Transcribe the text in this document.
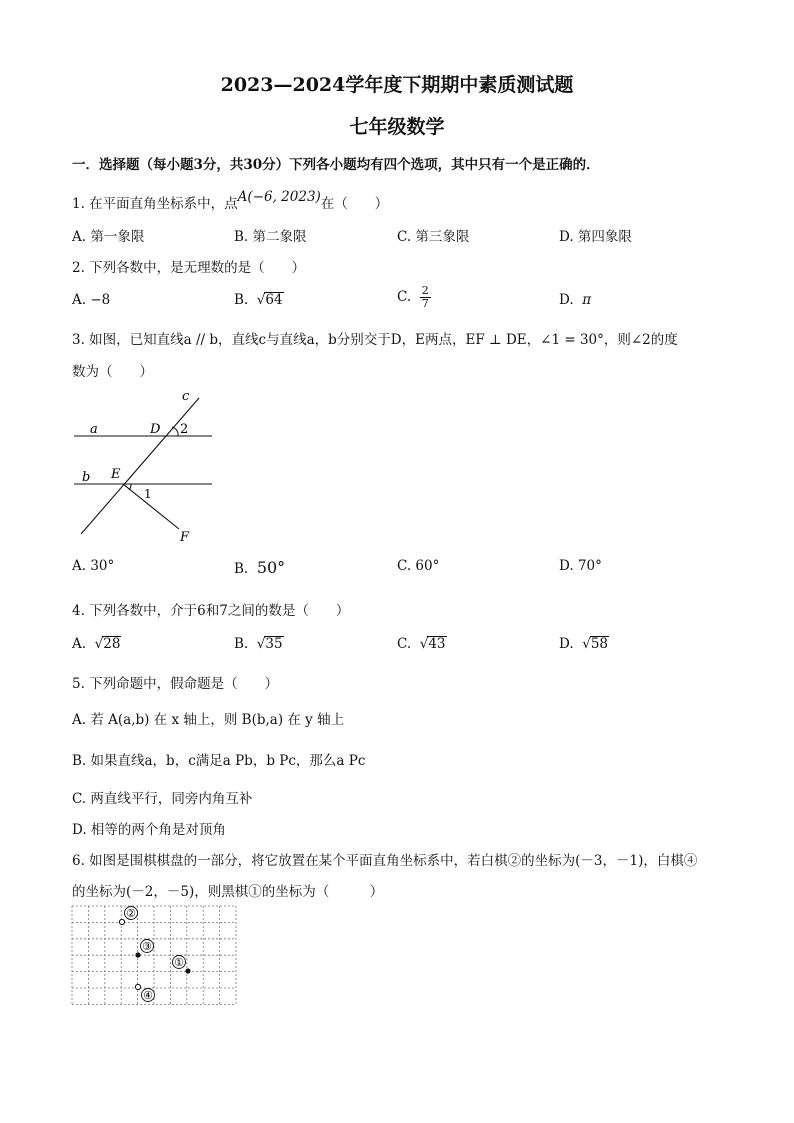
2023—2024学年度下期期中素质测试题
七年级数学
一．选择题（每小题3分，共30分）下列各小题均有四个选项，其中只有一个是正确的．
1. 在平面直角坐标系中，点A(−6, 2023)在（　　）
A. 第一象限	B. 第二象限	C. 第三象限	D. 第四象限
2. 下列各数中，是无理数的是（　　）
A. −8	B.  √64	C. $\frac{2}{7}$	D. π
3. 如图，已知直线a // b，直线c与直线a，b分别交于D，E两点，EF ⊥ DE，∠1 = 30°，则∠2的度
数为（　　）
c
a	D 2
b E
1
F
A. 30°	B. 50°	C. 60°	D. 70°
4. 下列各数中，介于6和7之间的数是（　　）
A.  √28	B.  √35	C.  √43	D.  √58
5. 下列命题中，假命题是（　　）
A. 若 A(a,b) 在 x 轴上，则 B(b,a) 在 y 轴上
B. 如果直线a，b，c满足a Pb，b Pc，那么a Pc
C. 两直线平行，同旁内角互补
D. 相等的两个角是对顶角
6. 如图是围棋棋盘的一部分，将它放置在某个平面直角坐标系中，若白棋②的坐标为(－3，－1)，白棋④
的坐标为(－2，－5)，则黑棋①的坐标为（　　　）
②
③
①
④
